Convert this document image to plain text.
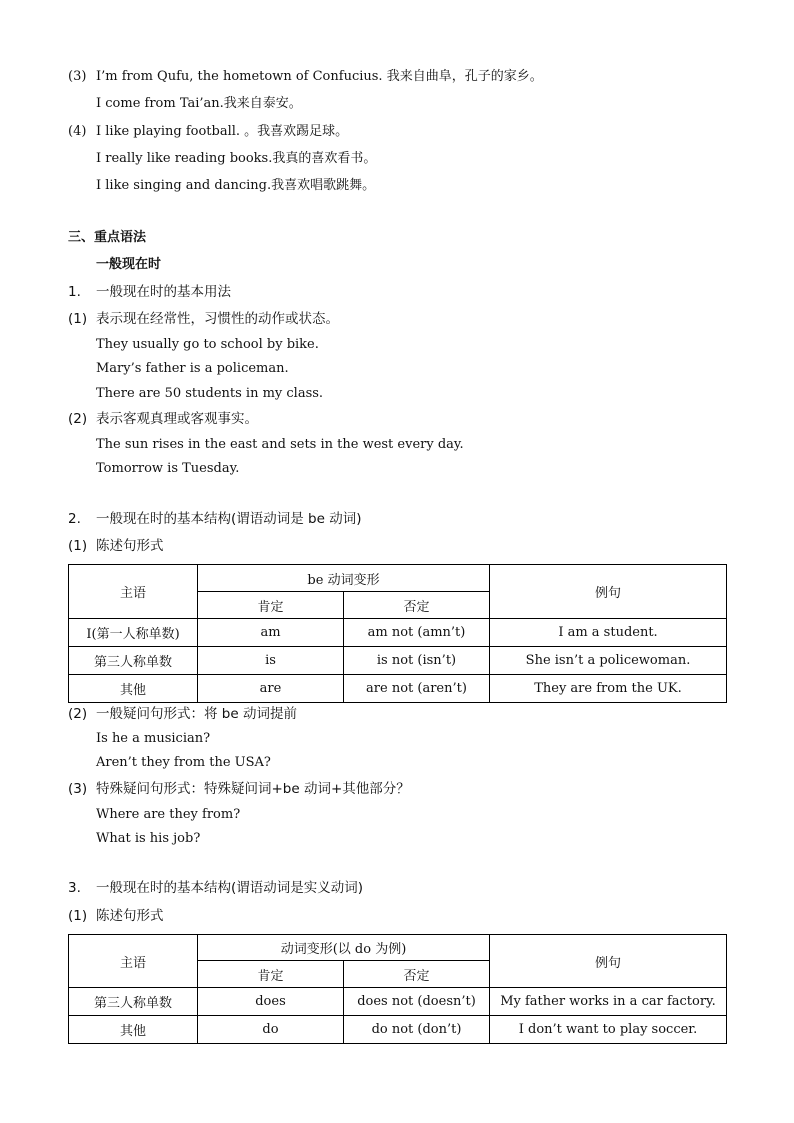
(3) I’m from Qufu, the hometown of Confucius. 我来自曲阜，孔子的家乡。
I come from Tai’an.我来自泰安。
(4) I like playing football. 。我喜欢踢足球。
I really like reading books.我真的喜欢看书。
I like singing and dancing.我喜欢唱歌跳舞。
三、重点语法
一般现在时
1. 一般现在时的基本用法
(1) 表示现在经常性，习惯性的动作或状态。
They usually go to school by bike.
Mary’s father is a policeman.
There are 50 students in my class.
(2) 表示客观真理或客观事实。
The sun rises in the east and sets in the west every day.
Tomorrow is Tuesday.
2. 一般现在时的基本结构(谓语动词是 be 动词)
(1) 陈述句形式
主语	be 动词变形		例句
	肯定	否定	
I(第一人称单数)	am	am not (amn’t)	I am a student.
第三人称单数	is	is not (isn’t)	She isn’t a policewoman.
其他	are	are not (aren’t)	They are from the UK.
(2) 一般疑问句形式：将 be 动词提前
Is he a musician?
Aren’t they from the USA?
(3) 特殊疑问句形式：特殊疑问词+be 动词+其他部分？
Where are they from?
What is his job?
3. 一般现在时的基本结构(谓语动词是实义动词)
(1) 陈述句形式
主语	动词变形(以 do 为例)		例句
	肯定	否定	
第三人称单数	does	does not (doesn’t)	My father works in a car factory.
其他	do	do not (don’t)	I don’t want to play soccer.
